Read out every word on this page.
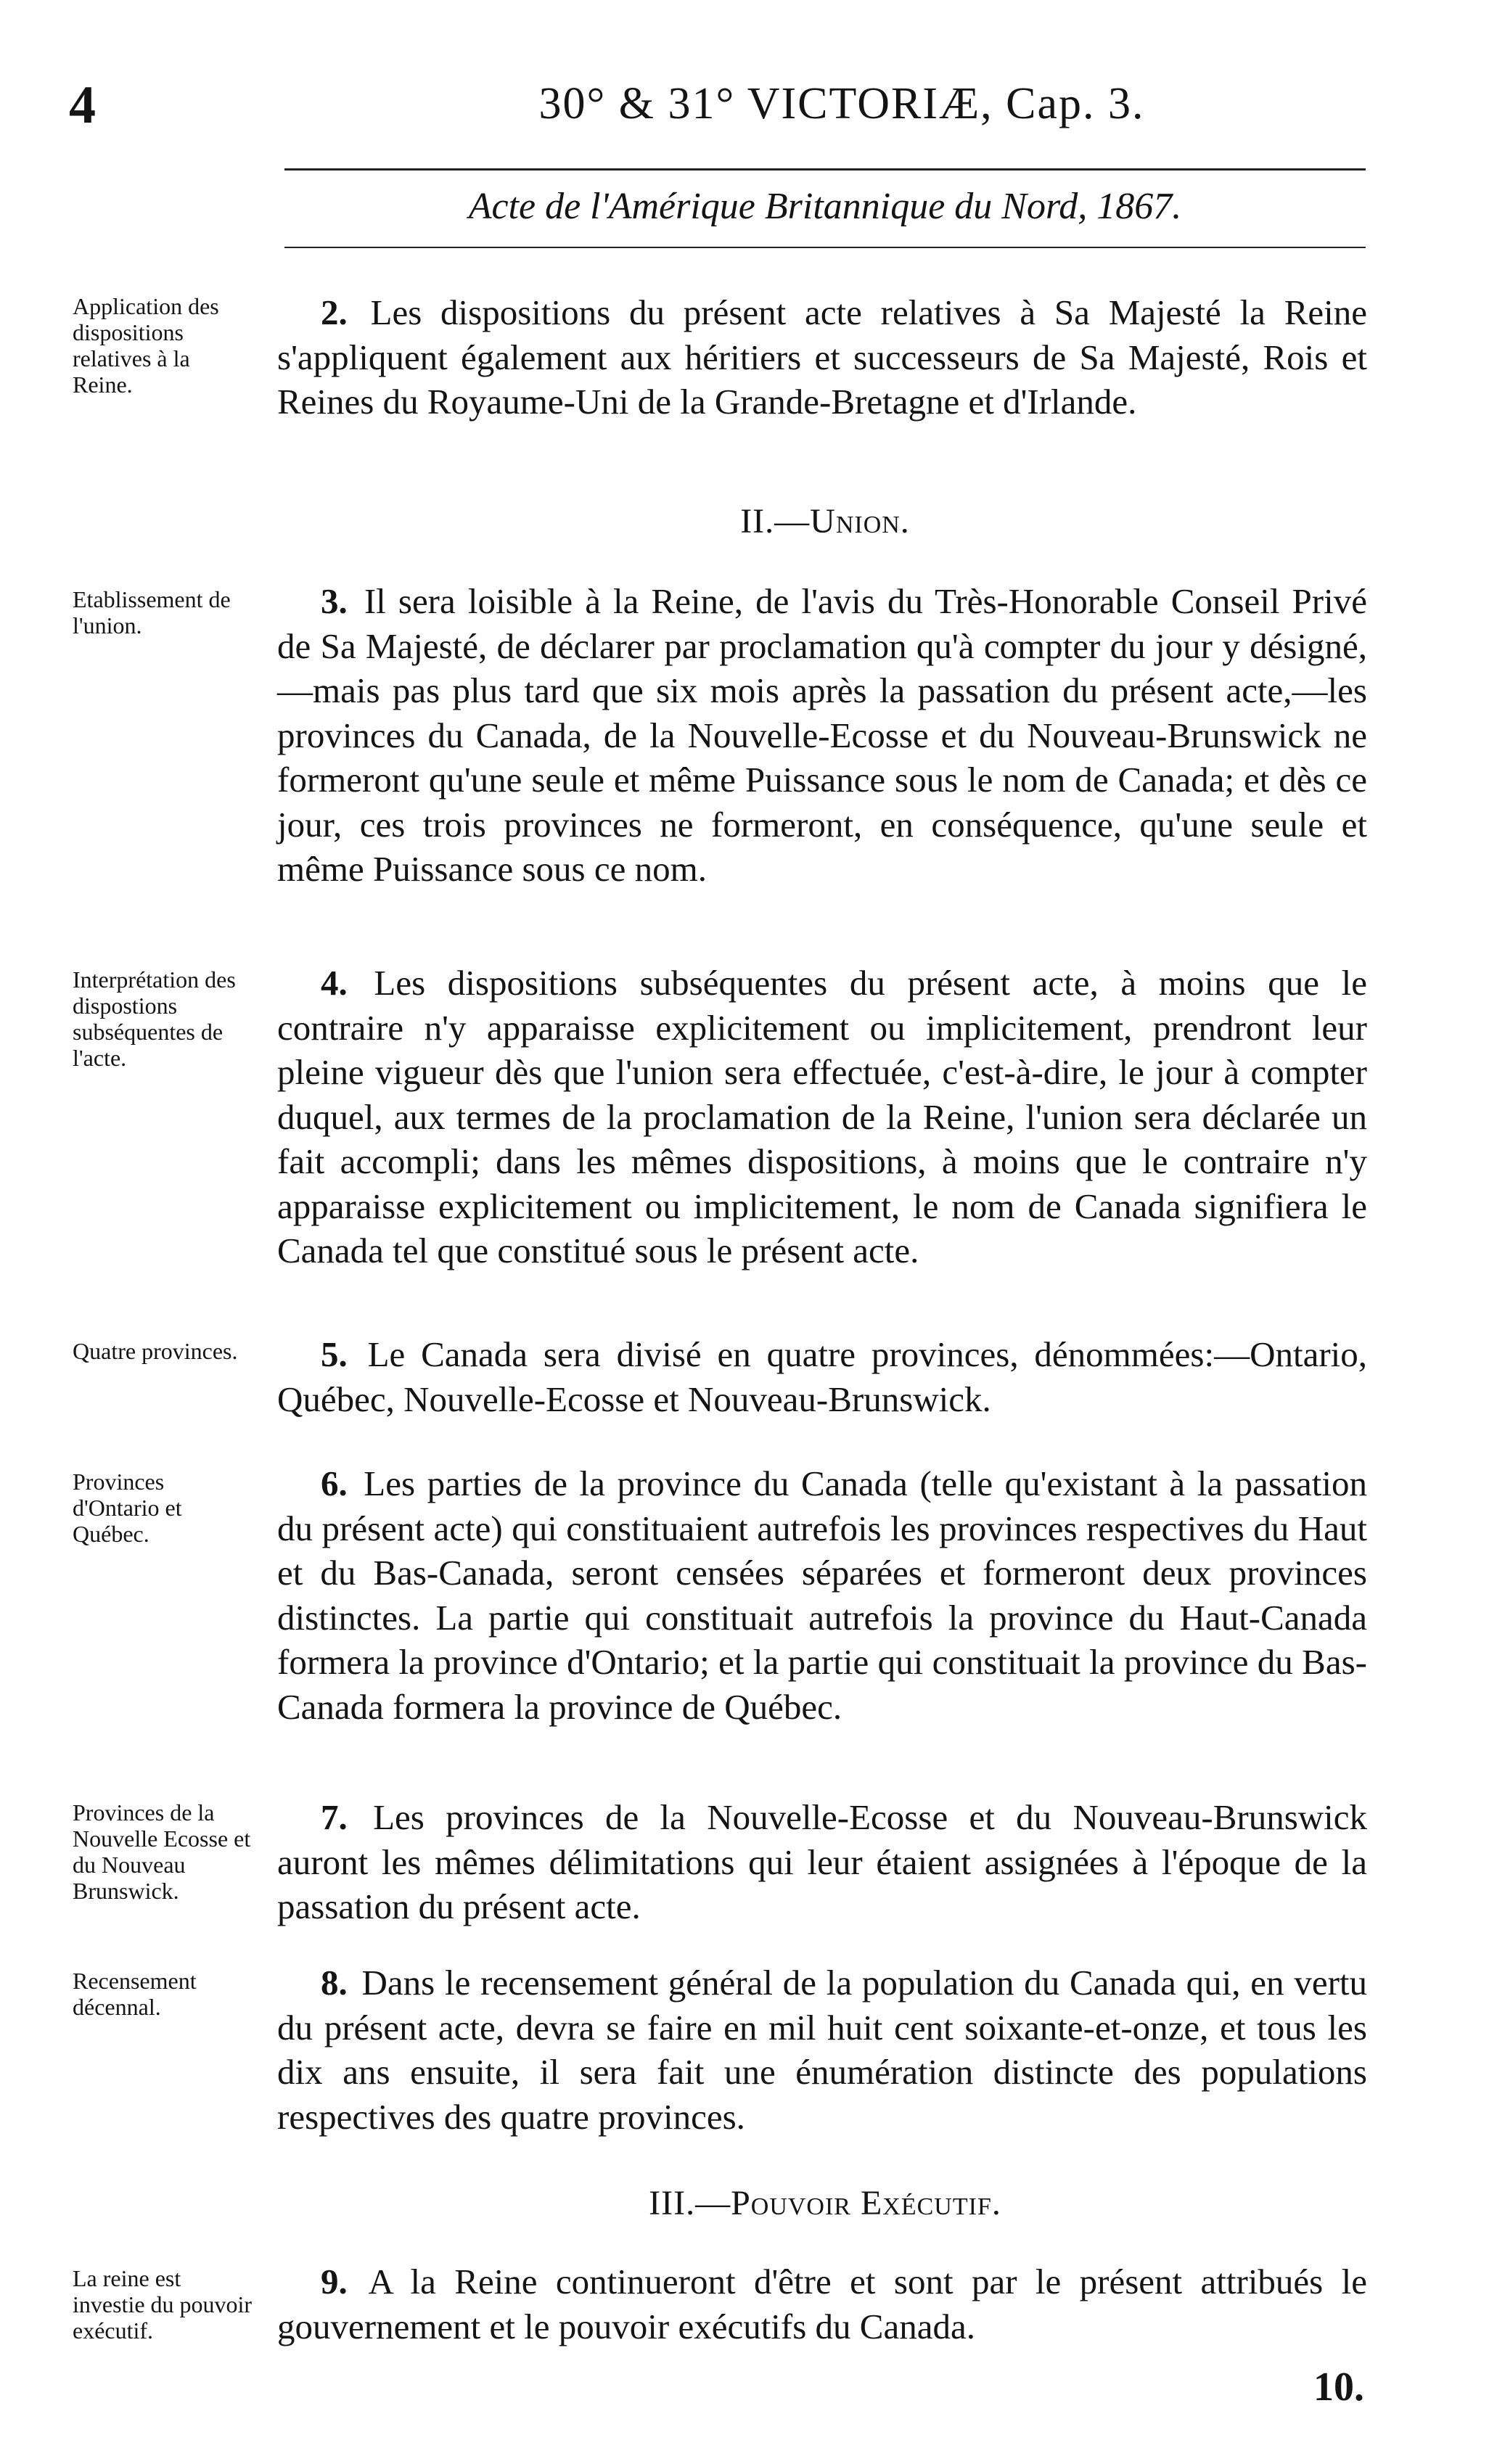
4	30° & 31° VICTORIÆ, Cap. 3.
Acte de l'Amérique Britannique du Nord, 1867.
Application des dispositions relatives à la Reine.

2. Les dispositions du présent acte relatives à Sa Majesté la Reine s'appliquent également aux héritiers et successeurs de Sa Majesté, Rois et Reines du Royaume-Uni de la Grande-Bretagne et d'Irlande.

II.—Union.
Etablissement de l'union.

3. Il sera loisible à la Reine, de l'avis du Très-Honorable Conseil Privé de Sa Majesté, de déclarer par proclamation qu'à compter du jour y désigné,—mais pas plus tard que six mois après la passation du présent acte,—les provinces du Canada, de la Nouvelle-Ecosse et du Nouveau-Brunswick ne formeront qu'une seule et même Puissance sous le nom de Canada; et dès ce jour, ces trois provinces ne formeront, en conséquence, qu'une seule et même Puissance sous ce nom.

Interprétation des dispostions subséquentes de l'acte.

4. Les dispositions subséquentes du présent acte, à moins que le contraire n'y apparaisse explicitement ou implicitement, prendront leur pleine vigueur dès que l'union sera effectuée, c'est-à-dire, le jour à compter duquel, aux termes de la proclamation de la Reine, l'union sera déclarée un fait accompli; dans les mêmes dispositions, à moins que le contraire n'y apparaisse explicitement ou implicitement, le nom de Canada signifiera le Canada tel que constitué sous le présent acte.

Quatre provinces.	5. Le Canada sera divisé en quatre provinces, dénommées:—Ontario, Québec, Nouvelle-Ecosse et Nouveau-Brunswick.

Provinces d'Ontario et Québec.

6. Les parties de la province du Canada (telle qu'existant à la passation du présent acte) qui constituaient autrefois les provinces respectives du Haut et du Bas-Canada, seront censées séparées et formeront deux provinces distinctes. La partie qui constituait autrefois la province du Haut-Canada formera la province d'Ontario; et la partie qui constituait la province du Bas-Canada formera la province de Québec.

Provinces de la Nouvelle Ecosse et du Nouveau Brunswick.

7. Les provinces de la Nouvelle-Ecosse et du Nouveau-Brunswick auront les mêmes délimitations qui leur étaient assignées à l'époque de la passation du présent acte.

Recensement décennal.

8. Dans le recensement général de la population du Canada qui, en vertu du présent acte, devra se faire en mil huit cent soixante-et-onze, et tous les dix ans ensuite, il sera fait une énumération distincte des populations respectives des quatre provinces.

III.—Pouvoir Exécutif.
La reine est investie du pouvoir exécutif.

9. A la Reine continueront d'être et sont par le présent attribués le gouvernement et le pouvoir exécutifs du Canada.

10.
